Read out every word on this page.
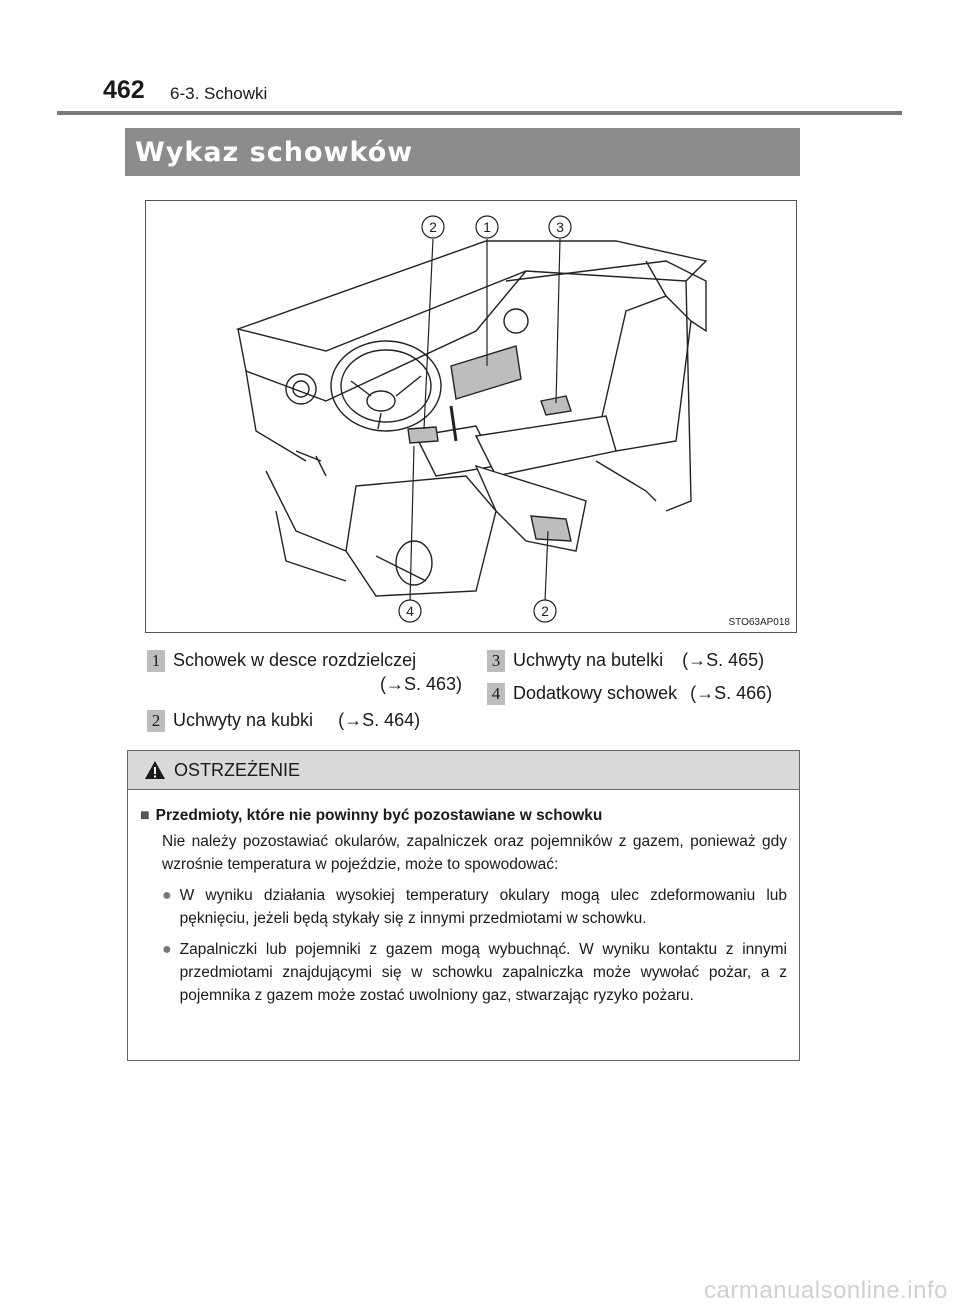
462 6-3. Schowki
Wykaz schowków
2	1	3
4	2
STO63AP018
1 Schowek w desce rozdzielczej
(→S. 463)
2 Uchwyty na kubki (→S. 464)
3 Uchwyty na butelki (→S. 465)
4 Dodatkowy schowek (→S. 466)
OSTRZEŻENIE
■ Przedmioty, które nie powinny być pozostawiane w schowku
Nie należy pozostawiać okularów, zapalniczek oraz pojemników z gazem, ponieważ gdy wzrośnie temperatura w pojeździe, może to spowodować:
● W wyniku działania wysokiej temperatury okulary mogą ulec zdeformowaniu lub pęknięciu, jeżeli będą stykały się z innymi przedmiotami w schowku.
● Zapalniczki lub pojemniki z gazem mogą wybuchnąć. W wyniku kontaktu z innymi przedmiotami znajdującymi się w schowku zapalniczka może wywołać pożar, a z pojemnika z gazem może zostać uwolniony gaz, stwarzając ryzyko pożaru.
carmanualsonline.info
